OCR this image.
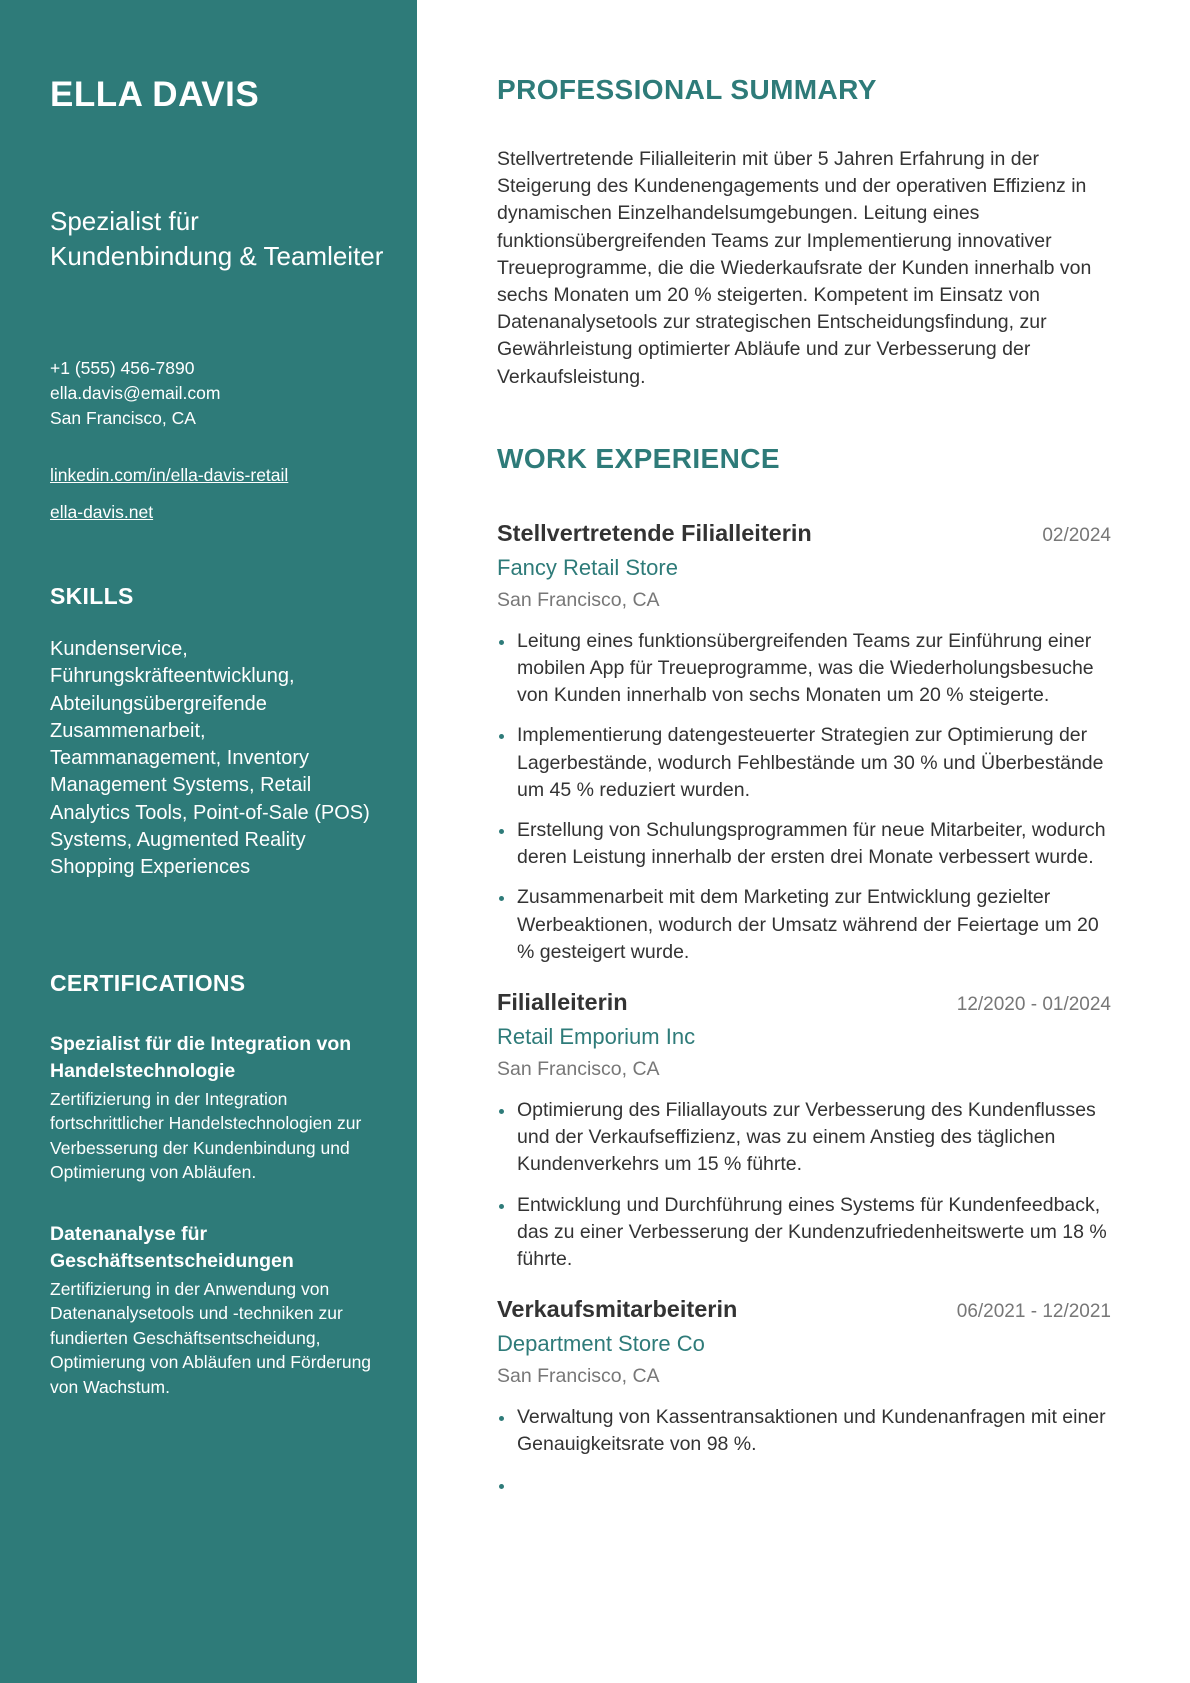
ELLA DAVIS
Spezialist für Kundenbindung & Teamleiter
+1 (555) 456-7890
ella.davis@email.com
San Francisco, CA
linkedin.com/in/ella-davis-retail
ella-davis.net
SKILLS

Kundenservice, Führungskräfteentwicklung, Abteilungsübergreifende Zusammenarbeit, Teammanagement, Inventory Management Systems, Retail Analytics Tools, Point-of-Sale (POS) Systems, Augmented Reality Shopping Experiences

CERTIFICATIONS
Spezialist für die Integration von Handelstechnologie
Zertifizierung in der Integration fortschrittlicher Handelstechnologien zur Verbesserung der Kundenbindung und Optimierung von Abläufen.
Datenanalyse für Geschäftsentscheidungen
Zertifizierung in der Anwendung von Datenanalysetools und -techniken zur fundierten Geschäftsentscheidung, Optimierung von Abläufen und Förderung von Wachstum.
PROFESSIONAL SUMMARY

Stellvertretende Filialleiterin mit über 5 Jahren Erfahrung in der Steigerung des Kundenengagements und der operativen Effizienz in dynamischen Einzelhandelsumgebungen. Leitung eines funktionsübergreifenden Teams zur Implementierung innovativer Treueprogramme, die die Wiederkaufsrate der Kunden innerhalb von sechs Monaten um 20 % steigerten. Kompetent im Einsatz von Datenanalysetools zur strategischen Entscheidungsfindung, zur Gewährleistung optimierter Abläufe und zur Verbesserung der Verkaufsleistung.

WORK EXPERIENCE
Stellvertretende Filialleiterin	02/2024
Fancy Retail Store
San Francisco, CA
Leitung eines funktionsübergreifenden Teams zur Einführung einer mobilen App für Treueprogramme, was die Wiederholungsbesuche von Kunden innerhalb von sechs Monaten um 20 % steigerte.
Implementierung datengesteuerter Strategien zur Optimierung der Lagerbestände, wodurch Fehlbestände um 30 % und Überbestände um 45 % reduziert wurden.
Erstellung von Schulungsprogrammen für neue Mitarbeiter, wodurch deren Leistung innerhalb der ersten drei Monate verbessert wurde.
Zusammenarbeit mit dem Marketing zur Entwicklung gezielter Werbeaktionen, wodurch der Umsatz während der Feiertage um 20 % gesteigert wurde.
Filialleiterin	12/2020 - 01/2024
Retail Emporium Inc
San Francisco, CA
Optimierung des Filiallayouts zur Verbesserung des Kundenflusses und der Verkaufseffizienz, was zu einem Anstieg des täglichen Kundenverkehrs um 15 % führte.
Entwicklung und Durchführung eines Systems für Kundenfeedback, das zu einer Verbesserung der Kundenzufriedenheitswerte um 18 % führte.
Verkaufsmitarbeiterin	06/2021 - 12/2021
Department Store Co
San Francisco, CA
Verwaltung von Kassentransaktionen und Kundenanfragen mit einer Genauigkeitsrate von 98 %.
